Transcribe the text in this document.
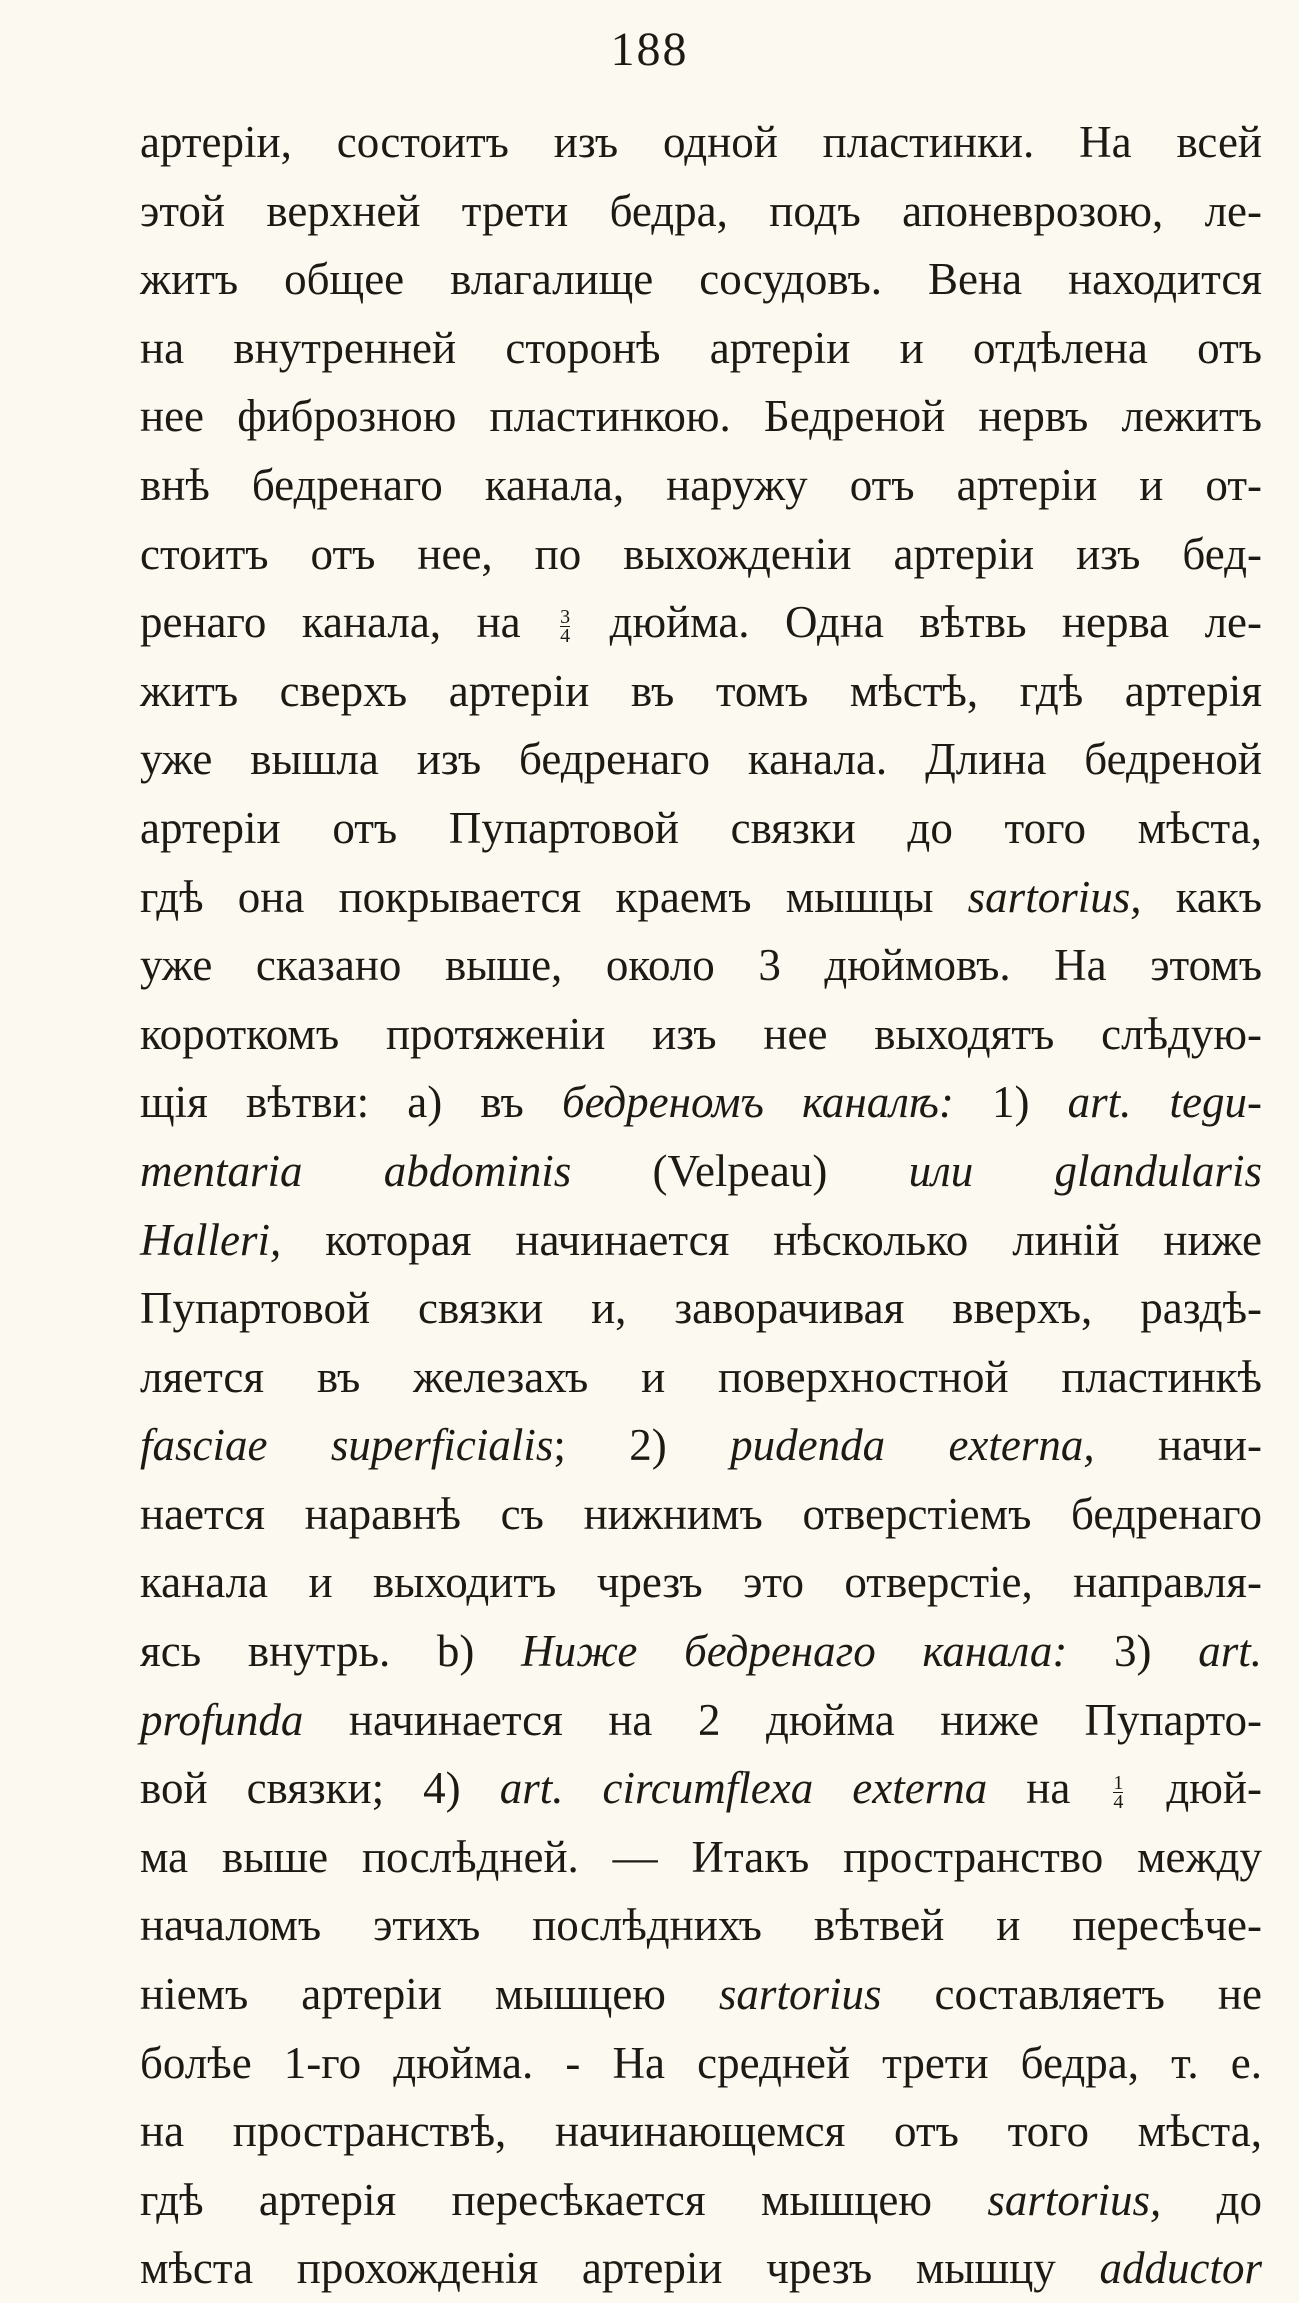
188
артеріи, состоитъ изъ одной пластинки. На всей
этой верхней трети бедра, подъ апоневрозою, ле-
житъ общее влагалище сосудовъ. Вена находится
на внутренней сторонѣ артеріи и отдѣлена отъ
нее фиброзною пластинкою. Бедреной нервъ лежитъ
внѣ бедренаго канала, наружу отъ артеріи и от-
стоитъ отъ нее, по выхожденіи артеріи изъ бед-
ренаго канала, на $\frac{3}{4}$ дюйма. Одна вѣтвь нерва ле-
житъ сверхъ артеріи въ томъ мѣстѣ, гдѣ артерія
уже вышла изъ бедренаго канала. Длина бедреной
артеріи отъ Пупартовой связки до того мѣста,
гдѣ она покрывается краемъ мышцы sartorius, какъ
уже сказано выше, около 3 дюймовъ. На этомъ
короткомъ протяженіи изъ нее выходятъ слѣдую-
щія вѣтви: а) въ бедреномъ каналѣ: 1) art. tegu-
mentaria abdominis (Velpeau) или glandularis
Halleri, которая начинается нѣсколько линій ниже
Пупартовой связки и, заворачивая вверхъ, раздѣ-
ляется въ железахъ и поверхностной пластинкѣ
fasciae superficialis; 2) pudenda externa, начи-
нается наравнѣ съ нижнимъ отверстіемъ бедренаго
канала и выходитъ чрезъ это отверстіе, направля-
ясь внутрь. b) Ниже бедренаго канала: 3) art.
profunda начинается на 2 дюйма ниже Пупарто-
вой связки; 4) art. circumflexa externa на $\frac{1}{4} дюй-$
ма выше послѣдней. — Итакъ пространство между
началомъ этихъ послѣднихъ вѣтвей и пересѣче-
ніемъ артеріи мышцею sartorius составляетъ не
болѣе 1-го дюйма. - На средней трети бедра, т. е.
на пространствѣ, начинающемся отъ того мѣста,
гдѣ артерія пересѣкается мышцею sartorius, до
мѣста прохожденія артеріи чрезъ мышцу adductor
